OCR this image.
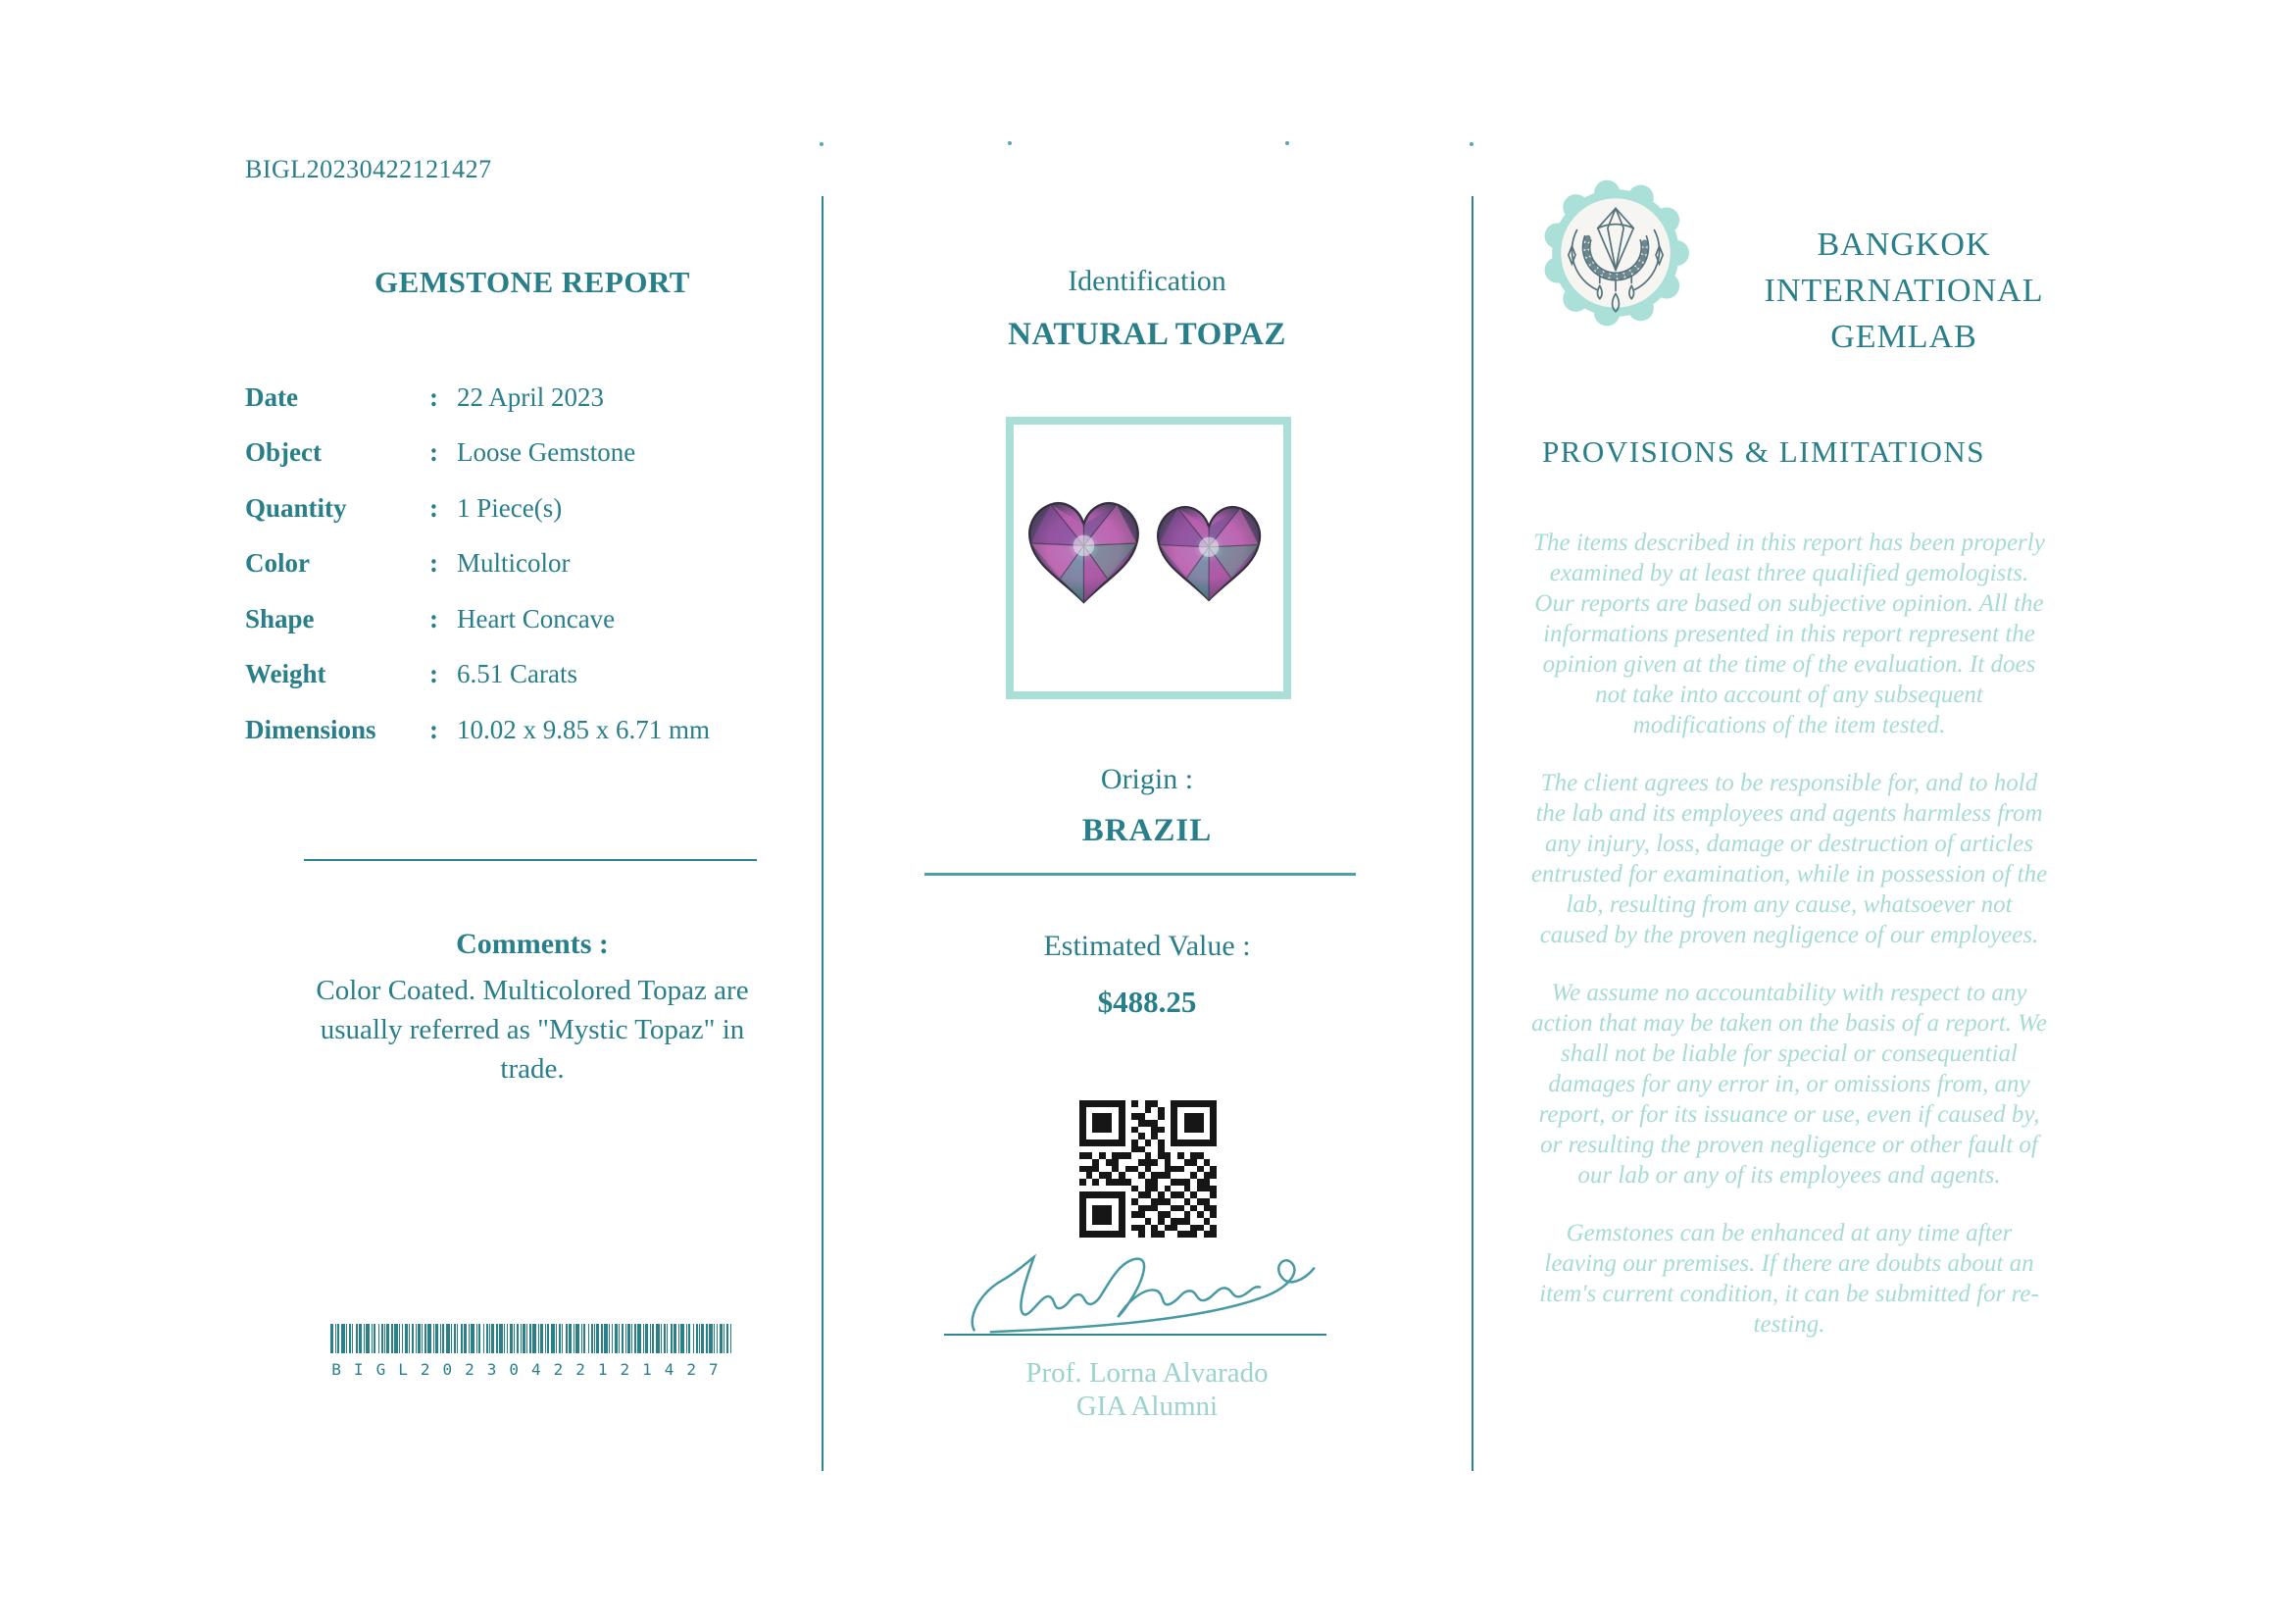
BIGL20230422121427
GEMSTONE REPORT
Date	: 22 April 2023
Object	: Loose Gemstone
Quantity	: 1 Piece(s)
Color	: Multicolor
Shape	: Heart Concave
Weight	: 6.51 Carats
Dimensions	: 10.02 x 9.85 x 6.71 mm
Comments :
Color Coated. Multicolored Topaz are
usually referred as "Mystic Topaz" in
trade.
BIGL20230422121427
Identification
NATURAL TOPAZ
Origin :
BRAZIL
Estimated Value :
$488.25
Prof. Lorna Alvarado
GIA Alumni
BANGKOK
INTERNATIONAL
GEMLAB
PROVISIONS & LIMITATIONS

The items described in this report has been properly examined by at least three qualified gemologists. Our reports are based on subjective opinion. All the informations presented in this report represent the opinion given at the time of the evaluation. It does not take into account of any subsequent modifications of the item tested.

The client agrees to be responsible for, and to hold the lab and its employees and agents harmless from any injury, loss, damage or destruction of articles entrusted for examination, while in possession of the lab, resulting from any cause, whatsoever not caused by the proven negligence of our employees.

We assume no accountability with respect to any action that may be taken on the basis of a report. We shall not be liable for special or consequential damages for any error in, or omissions from, any report, or for its issuance or use, even if caused by, or resulting the proven negligence or other fault of our lab or any of its employees and agents.

Gemstones can be enhanced at any time after leaving our premises. If there are doubts about an item's current condition, it can be submitted for re-testing.
